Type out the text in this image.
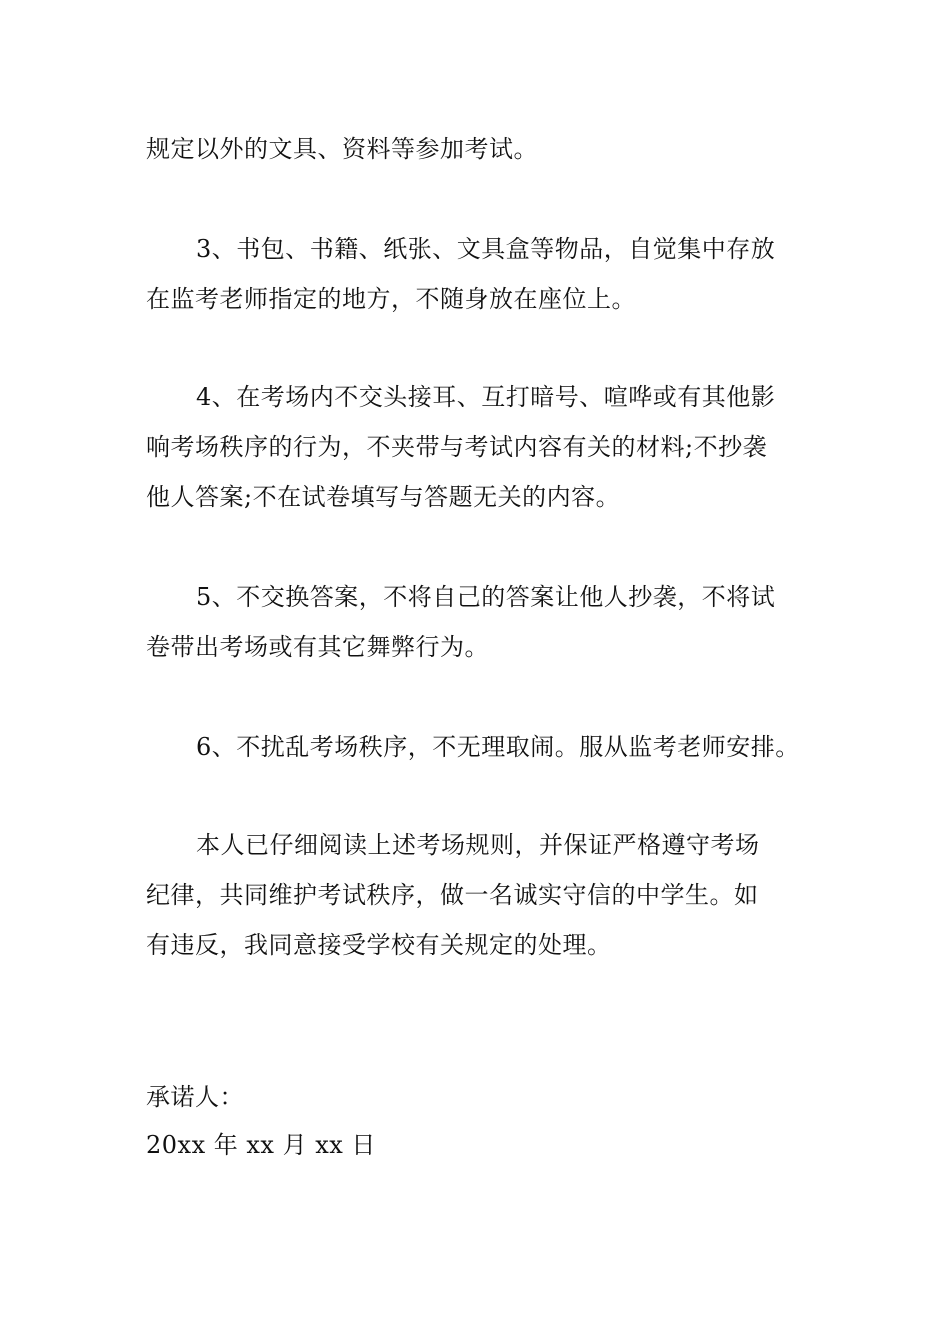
规定以外的文具、资料等参加考试。
3、书包、书籍、纸张、文具盒等物品，自觉集中存放
在监考老师指定的地方，不随身放在座位上。
4、在考场内不交头接耳、互打暗号、喧哗或有其他影
响考场秩序的行为，不夹带与考试内容有关的材料;不抄袭
他人答案;不在试卷填写与答题无关的内容。
5、不交换答案，不将自己的答案让他人抄袭，不将试
卷带出考场或有其它舞弊行为。
6、不扰乱考场秩序，不无理取闹。服从监考老师安排。
本人已仔细阅读上述考场规则，并保证严格遵守考场
纪律，共同维护考试秩序，做一名诚实守信的中学生。如
有违反，我同意接受学校有关规定的处理。
承诺人：
20xx 年 xx 月 xx 日
